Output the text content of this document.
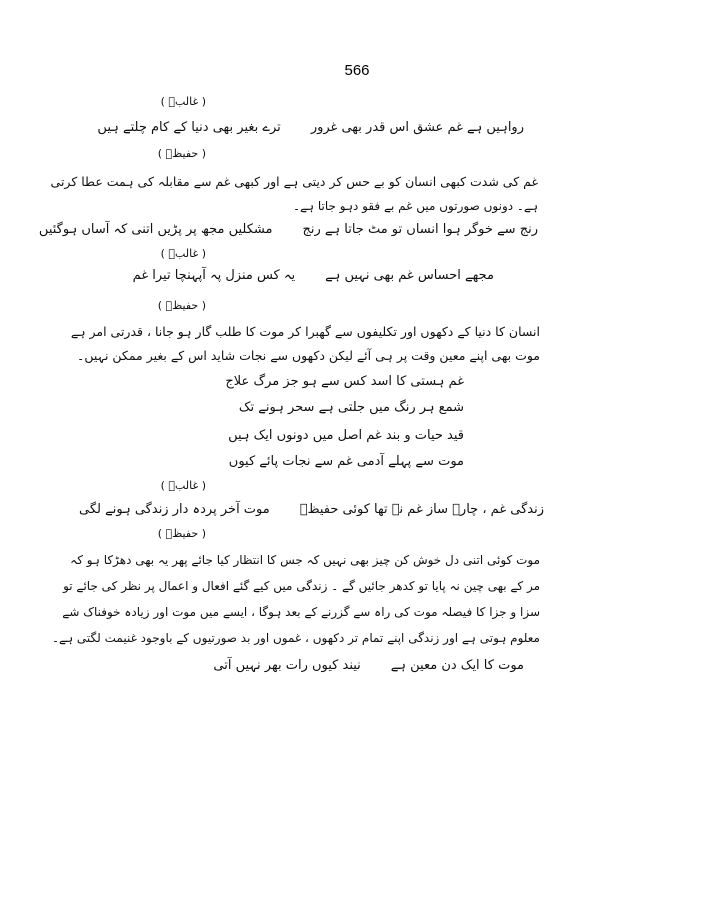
566
( غالبؔ )
رواہیں ہے غم عشق اس قدر بھی غرورترے بغیر بھی دنیا کے کام چلتے ہیں
( حفیظؔ )
غم کی شدت کبھی انسان کو بے حس کر دیتی ہے اور کبھی غم سے مقابلہ کی ہمت عطا کرتی
ہے۔ دونوں صورتوں میں غم بے فقو دہو جاتا ہے۔
رنج سے خوگر ہوا انساں تو مٹ جاتا ہے رنجمشکلیں مجھ پر پڑیں اتنی کہ آساں ہوگئیں
( غالبؔ )
مجھے احساس غم بھی نہیں ہےیہ کس منزل پہ آپہنچا تیرا غم
( حفیظؔ )
انسان کا دنیا کے دکھوں اور تکلیفوں سے گھبرا کر موت کا طلب گار ہو جانا ، قدرتی امر ہے
موت بھی اپنے معین وقت پر ہی آئے لیکن دکھوں سے نجات شاید اس کے بغیر ممکن نہیں۔
غم ہستی کا اسد کس سے ہو جز مرگ علاج
شمع ہر رنگ میں جلتی ہے سحر ہونے تک
قید حیات و بند غم اصل میں دونوں ایک ہیں
موت سے پہلے آدمی غم سے نجات پائے کیوں
( غالبؔ )
زندگی غم ، چارہ ساز غم نہ تھا کوئی حفیظؔموت آخر پردہ دار زندگی ہونے لگی
( حفیظؔ )
موت کوئی اتنی دل خوش کن چیز بھی نہیں کہ جس کا انتظار کیا جائے پھر یہ بھی دھڑکا ہو کہ
مر کے بھی چین نہ پایا تو کدھر جائیں گے ۔ زندگی میں کیے گئے افعال و اعمال پر نظر کی جائے تو
سزا و جزا کا فیصلہ موت کی راہ سے گزرنے کے بعد ہوگا ، ایسے میں موت اور زیادہ خوفناک شے
معلوم ہوتی ہے اور زندگی اپنے تمام تر دکھوں ، غموں اور بد صورتیوں کے باوجود غنیمت لگتی ہے۔
موت کا ایک دن معین ہےنیند کیوں رات بھر نہیں آتی
